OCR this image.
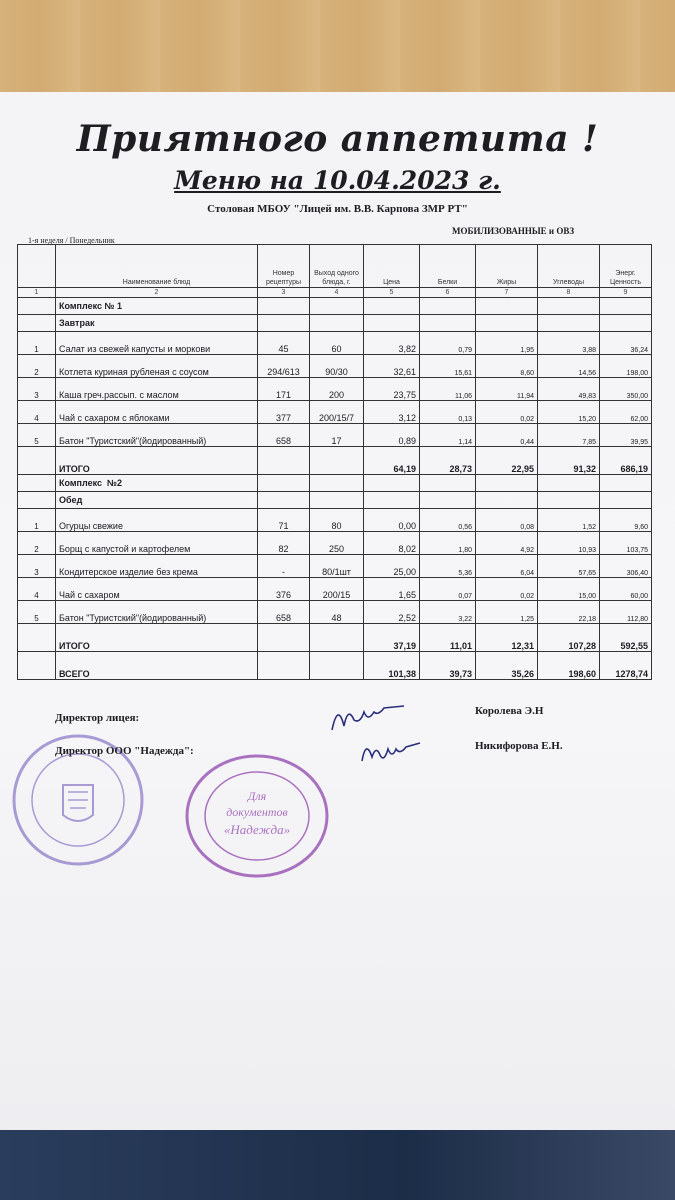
Приятного аппетита !
Меню на 10.04.2023 г.
Столовая МБОУ "Лицей им. В.В. Карпова ЗМР РТ"
1-я неделя / Понедельник
МОБИЛИЗОВАННЫЕ и ОВЗ
	Наименование блюд	Номер рецептуры	Выход одного блюда, г.	Цена	Белки	Жиры	Углеводы	Энерг. Ценность
1	2	3	4	5	6	7	8	9
	Комплекс № 1							
	Завтрак							
1	Салат из свежей капусты и моркови	45	60	3,82	0,79	1,95	3,88	36,24
2	Котлета куриная рубленая с соусом	294/613	90/30	32,61	15,61	8,60	14,56	198,00
3	Каша греч.рассып. с маслом	171	200	23,75	11,06	11,94	49,83	350,00
4	Чай с сахаром с яблоками	377	200/15/7	3,12	0,13	0,02	15,20	62,00
5	Батон "Туристский"(йодированный)	658	17	0,89	1,14	0,44	7,85	39,95
	ИТОГО			64,19	28,73	22,95	91,32	686,19
	Комплекс  №2							
	Обед							
1	Огурцы свежие	71	80	0,00	0,56	0,08	1,52	9,60
2	Борщ с капустой и картофелем	82	250	8,02	1,80	4,92	10,93	103,75
3	Кондитерское изделие без крема	-	80/1шт	25,00	5,36	6,04	57,65	306,40
4	Чай с сахаром	376	200/15	1,65	0,07	0,02	15,00	60,00
5	Батон "Туристский"(йодированный)	658	48	2,52	3,22	1,25	22,18	112,80
	ИТОГО			37,19	11,01	12,31	107,28	592,55
	ВСЕГО			101,38	39,73	35,26	198,60	1278,74
Для
документов
«Надежда»
Директор лицея:
Королева Э.Н
Директор ООО "Надежда":	Никифорова Е.Н.
